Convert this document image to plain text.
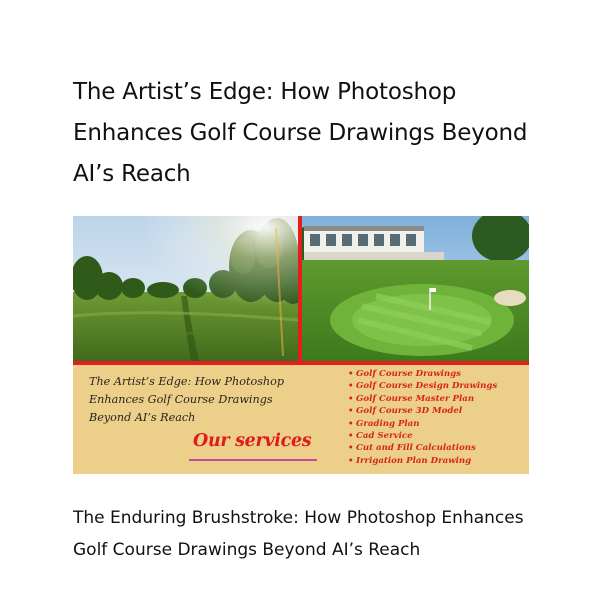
The Artist’s Edge: How Photoshop Enhances Golf Course Drawings Beyond AI’s Reach
The Artist’s Edge: How Photoshop Enhances Golf Course Drawings Beyond AI’s Reach
Our services
• Golf Course Drawings
• Golf Course Design Drawings
• Golf Course Master Plan
• Golf Course 3D Model
• Grading Plan
• Cad Service
• Cut and Fill Calculations
• Irrigation Plan Drawing

The Enduring Brushstroke: How Photoshop Enhances Golf Course Drawings Beyond AI’s Reach
